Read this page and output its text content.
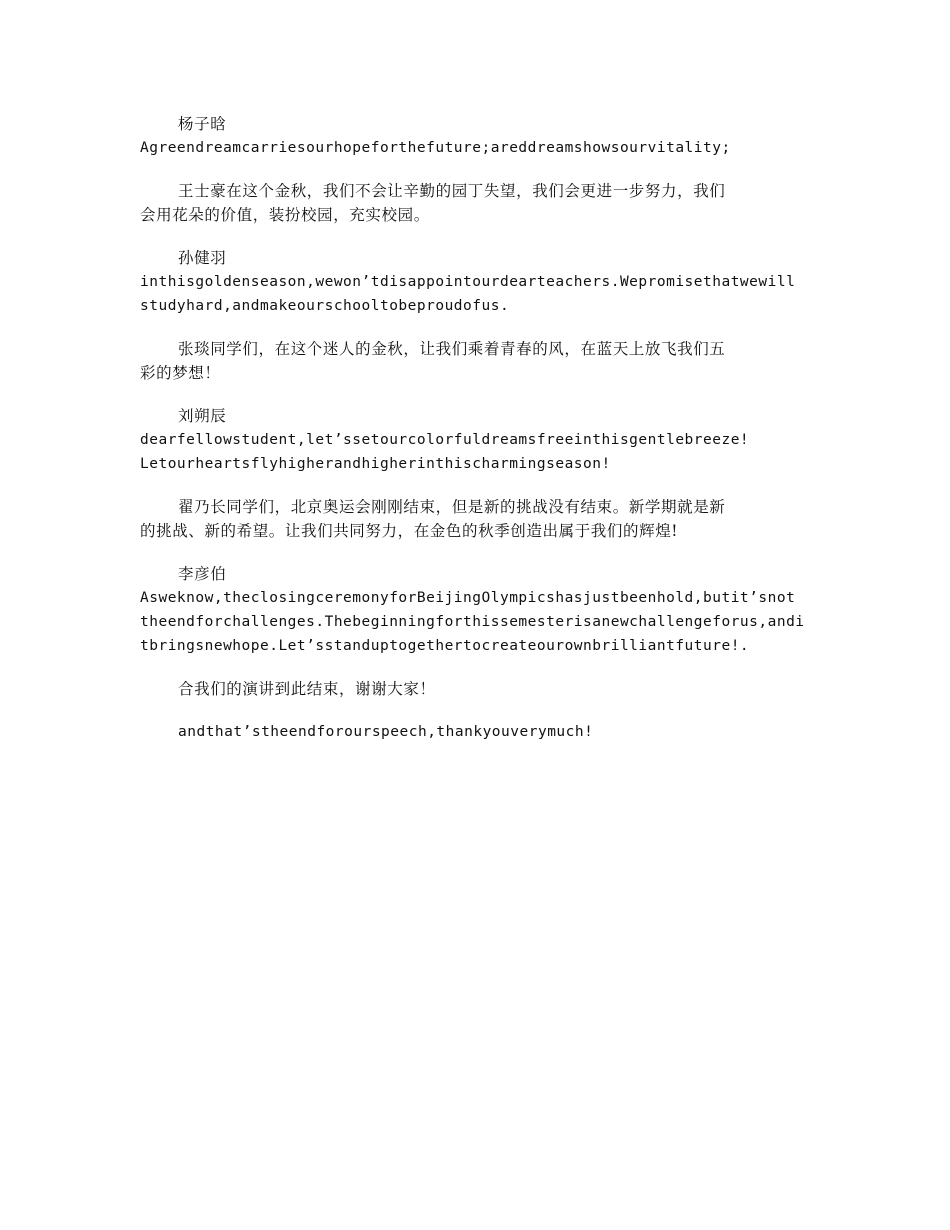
杨子晗
Agreendreamcarriesourhopeforthefuture;areddreamshowsourvitality;
王士豪在这个金秋，我们不会让辛勤的园丁失望，我们会更进一步努力，我们
会用花朵的价值，装扮校园，充实校园。
孙健羽
inthisgoldenseason,wewon’tdisappointourdearteachers.Wepromisethatwewill
studyhard,andmakeourschooltobeproudofus.
张琰同学们，在这个迷人的金秋，让我们乘着青春的风，在蓝天上放飞我们五
彩的梦想！
刘朔辰
dearfellowstudent,let’ssetourcolorfuldreamsfreeinthisgentlebreeze!
Letourheartsflyhigherandhigherinthischarmingseason!
翟乃长同学们，北京奥运会刚刚结束，但是新的挑战没有结束。新学期就是新
的挑战、新的希望。让我们共同努力，在金色的秋季创造出属于我们的辉煌!
李彦伯
Asweknow,theclosingceremonyforBeijingOlympicshasjustbeenhold,butit’snot
theendforchallenges.Thebeginningforthissemesterisanewchallengeforus,andi
tbringsnewhope.Let’sstanduptogethertocreateourownbrilliantfuture!.
合我们的演讲到此结束，谢谢大家！
andthat’stheendforourspeech,thankyouverymuch!
